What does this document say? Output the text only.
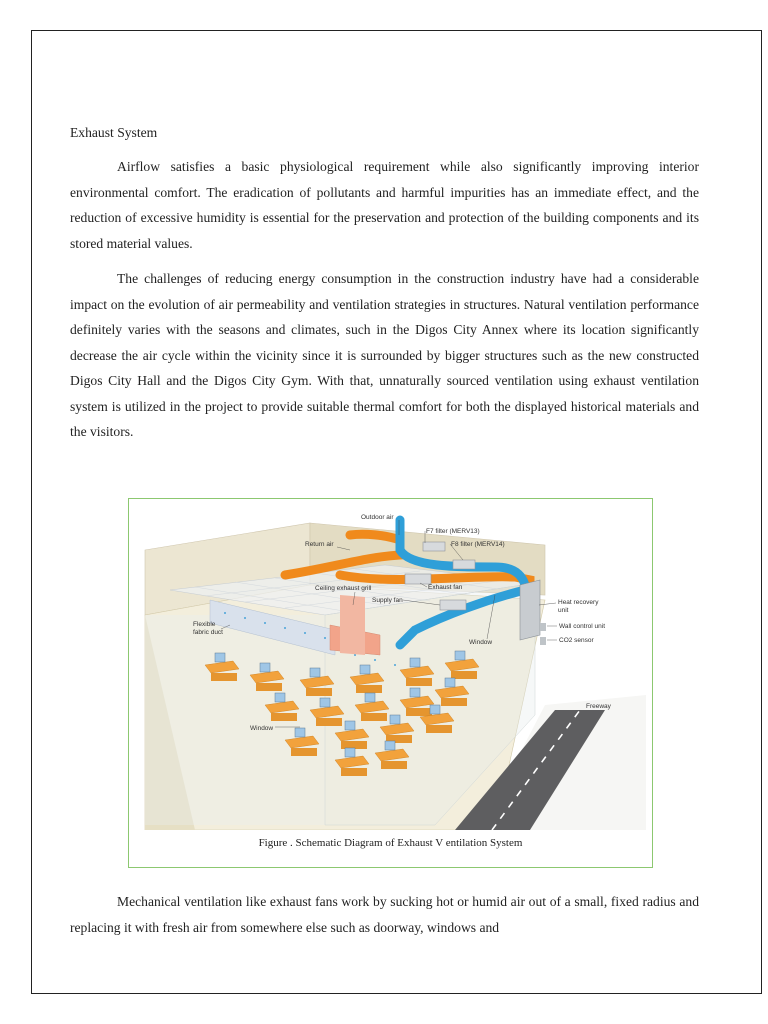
Exhaust System
Airflow satisfies a basic physiological requirement while also significantly improving interior environmental comfort. The eradication of pollutants and harmful impurities has an immediate effect, and the reduction of excessive humidity is essential for the preservation and protection of the building components and its stored material values.
The challenges of reducing energy consumption in the construction industry have had a considerable impact on the evolution of air permeability and ventilation strategies in structures. Natural ventilation performance definitely varies with the seasons and climates, such in the Digos City Annex where its location significantly decrease the air cycle within the vicinity since it is surrounded by bigger structures such as the new constructed Digos City Hall and the Digos City Gym. With that, unnaturally sourced ventilation using exhaust ventilation system is utilized in the project to provide suitable thermal comfort for both the displayed historical materials and the visitors.
Outdoor air
F7 filter (MERV13)
F8 filter (MERV14)
Return air
Ceiling exhaust grill	Exhaust fan
Supply fan	Heat recovery
unit
Wall control unit
CO2 sensor
Flexible
fabric duct
Window
Window
Freeway
Figure . Schematic Diagram of Exhaust V entilation System
Mechanical ventilation like exhaust fans work by sucking hot or humid air out of a small, fixed radius and replacing it with fresh air from somewhere else such as doorway, windows and
